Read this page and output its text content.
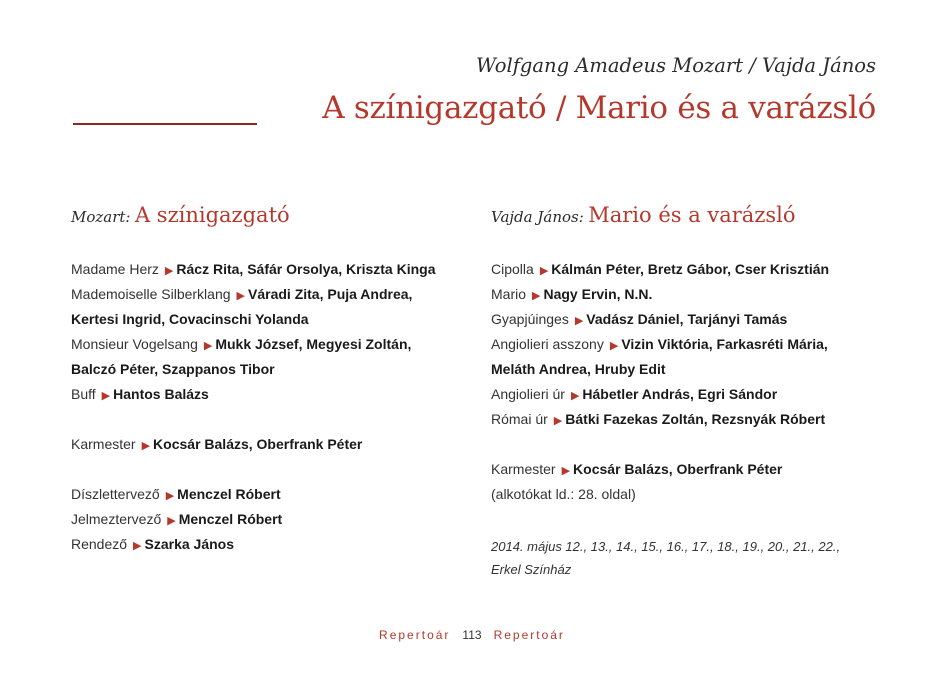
Wolfgang Amadeus Mozart / Vajda János
A színigazgató / Mario és a varázsló
Mozart: A színigazgató
Madame Herz ▶ Rácz Rita, Sáfár Orsolya, Kriszta Kinga
Mademoiselle Silberklang ▶ Váradi Zita, Puja Andrea,
Kertesi Ingrid, Covacinschi Yolanda
Monsieur Vogelsang ▶ Mukk József, Megyesi Zoltán,
Balczó Péter, Szappanos Tibor
Buff ▶ Hantos Balázs
Karmester ▶ Kocsár Balázs, Oberfrank Péter
Díszlettervező ▶ Menczel Róbert
Jelmeztervező ▶ Menczel Róbert
Rendező ▶ Szarka János
Vajda János: Mario és a varázsló
Cipolla ▶ Kálmán Péter, Bretz Gábor, Cser Krisztián
Mario ▶ Nagy Ervin, N.N.
Gyapjúinges ▶ Vadász Dániel, Tarjányi Tamás
Angiolieri asszony ▶ Vizin Viktória, Farkasréti Mária,
Meláth Andrea, Hruby Edit
Angiolieri úr ▶ Hábetler András, Egri Sándor
Római úr ▶ Bátki Fazekas Zoltán, Rezsnyák Róbert
Karmester ▶ Kocsár Balázs, Oberfrank Péter
(alkotókat ld.: 28. oldal)
2014. május 12., 13., 14., 15., 16., 17., 18., 19., 20., 21., 22.,
Erkel Színház
Repertoár 113 Repertoár
